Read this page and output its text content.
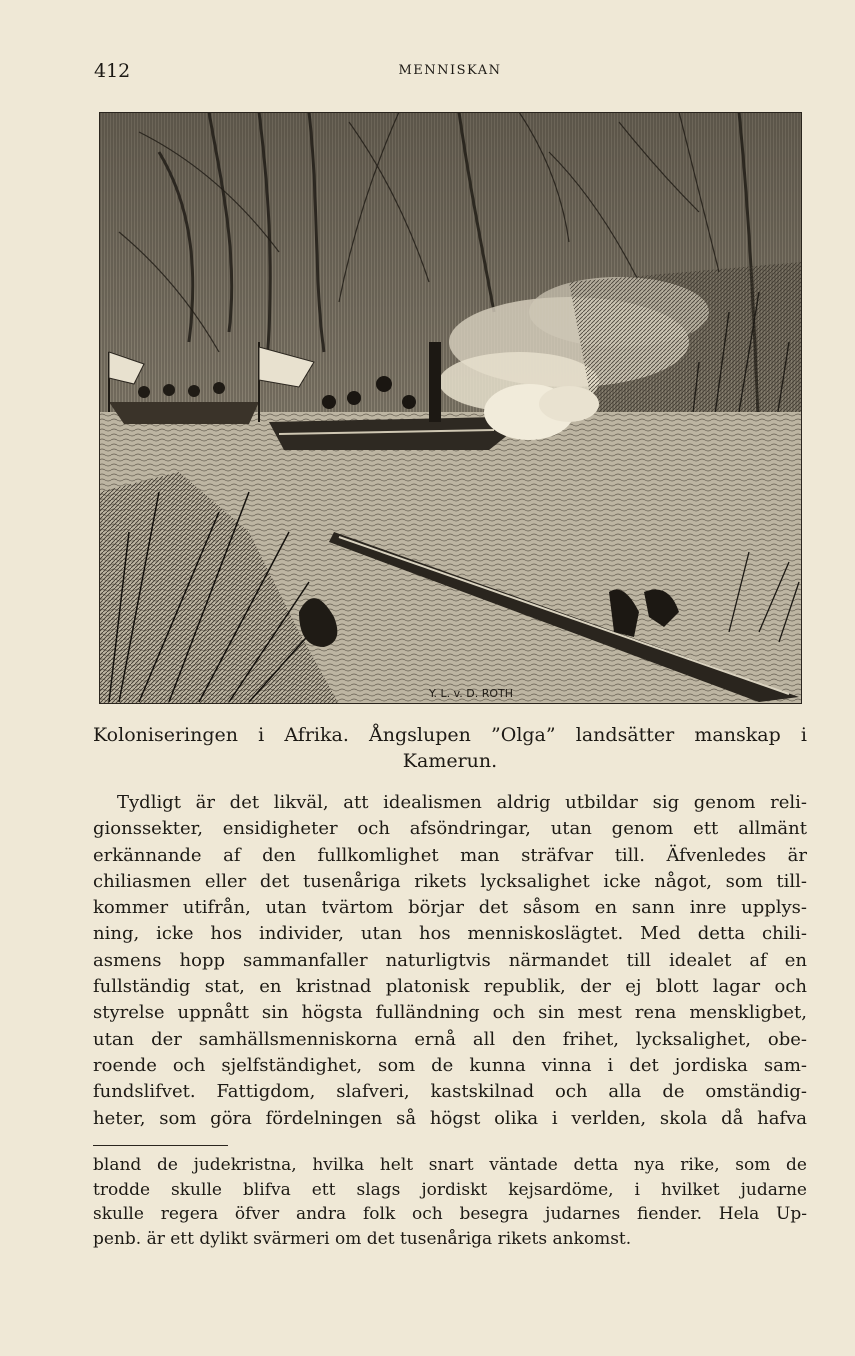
412	MENNISKAN
Y. L. v. D. ROTH
Koloniseringen i Afrika. Ångslupen ”Olga” landsätter manskap i
Kamerun.
Tydligt är det likväl, att idealismen aldrig utbildar sig genom reli-
gionssekter, ensidigheter och afsöndringar, utan genom ett allmänt
erkännande af den fullkomlighet man sträfvar till. Äfvenledes är
chiliasmen eller det tusenåriga rikets lycksalighet icke något, som till-
kommer utifrån, utan tvärtom börjar det såsom en sann inre upplys-
ning, icke hos individer, utan hos menniskoslägtet. Med detta chili-
asmens hopp sammanfaller naturligtvis närmandet till idealet af en
fullständig stat, en kristnad platonisk republik, der ej blott lagar och
styrelse uppnått sin högsta fulländning och sin mest rena menskligbet,
utan der samhällsmenniskorna ernå all den frihet, lycksalighet, obe-
roende och sjelfständighet, som de kunna vinna i det jordiska sam-
fundslifvet. Fattigdom, slafveri, kastskilnad och alla de omständig-
heter, som göra fördelningen så högst olika i verlden, skola då hafva
bland de judekristna, hvilka helt snart väntade detta nya rike, som de
trodde skulle blifva ett slags jordiskt kejsardöme, i hvilket judarne
skulle regera öfver andra folk och besegra judarnes fiender. Hela Up-
penb. är ett dylikt svärmeri om det tusenåriga rikets ankomst.
